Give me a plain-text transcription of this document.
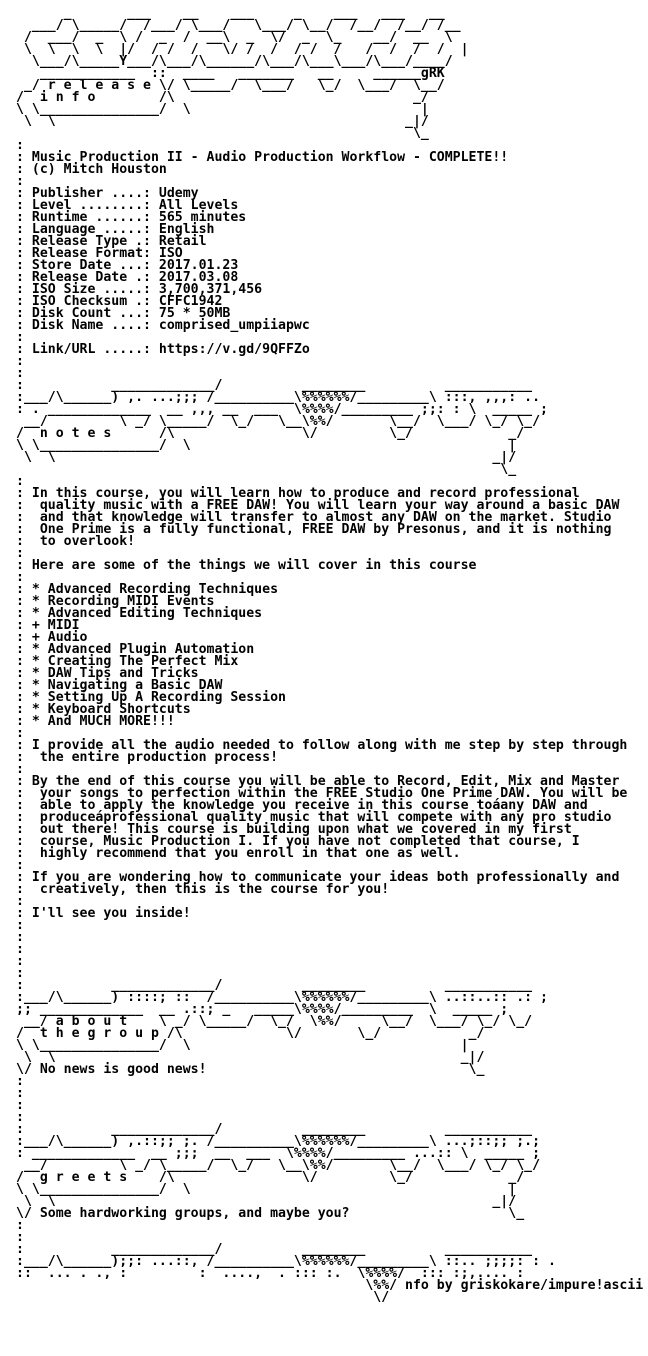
_       ___    __    ___     _    ___   ___   __
___/ \_____/  /___/ \___/   \___/ \__/  /__/  /__/ /__
/  ___/  _  \ /  _  /  __\  _  \/  _  \_    __/  __  \
\  \  \  \  |/  / /  /   \/ /  /  / /  /   /  /  /  /  |
\___/\_____Y___/\___/\______/\___/\___\___/\___/____/
____________  ::  ____   _______   __     ______gRK
_/ r e l e a s e \/ \_____/  \___/   \_/  \___/  \__/
/  i n f o        /\                              _/
\ \_______________/  \                             |
\  \                                            _|/
\_
:
: Music Production II - Audio Production Workflow - COMPLETE!!
: (c) Mitch Houston
:
: Publisher ....: Udemy
: Level ........: All Levels
: Runtime ......: 565 minutes
: Language .....: English
: Release Type .: Retail
: Release Format: ISO
: Store Date ...: 2017.01.23
: Release Date .: 2017.03.08
: ISO Size .....: 3,700,371,456
: ISO Checksum .: CFFC1942
: Disk Count ...: 75 * 50MB
: Disk Name ....: comprised_umpiiapwc
:
: Link/URL .....: https://v.gd/9QFFZo
:
:
:           _____________/          ________          ___________
:___/\______) ,. ...;;; /__________\%%%%%%/_________\ :::, ,,,: ..
: . _____________  __ ,,, __  ___  \%%%%/_________ ;;: : \  _____ ;
__/         \ _/ \_____/  \_/   \__\%%/       \__/  \___/ \_/ \_/
/  n o t e s      /\                \/         \_/            _/
\ \_______________/  \                                        |
\  \                                                       _|/
\_
:
: In this course, you will learn how to produce and record professional
:  quality music with a FREE DAW! You will learn your way around a basic DAW
:  and that knowledge will transfer to almost any DAW on the market. Studio
:  One Prime is a fully functional, FREE DAW by Presonus, and it is nothing
:  to overlook!
:
: Here are some of the things we will cover in this course
:
: * Advanced Recording Techniques
: * Recording MIDI Events
: * Advanced Editing Techniques
: + MIDI
: + Audio
: * Advanced Plugin Automation
: * Creating The Perfect Mix
: * DAW Tips and Tricks
: * Navigating a Basic DAW
: * Setting Up A Recording Session
: * Keyboard Shortcuts
: * And MUCH MORE!!!
:
: I provide all the audio needed to follow along with me step by step through
:  the entire production process!
:
: By the end of this course you will be able to Record, Edit, Mix and Master
:  your songs to perfection within the FREE Studio One Prime DAW. You will be
:  able to apply the knowledge you receive in this course toáany DAW and
:  produceáprofessional quality music that will compete with any pro studio
:  out there! This course is building upon what we covered in my first
:  course, Music Production I. If you have not completed that course, I
:  highly recommend that you enroll in that one as well.
:
: If you are wondering how to communicate your ideas both professionally and
:  creatively, then this is the course for you!
:
: I'll see you inside!
:
:
:
:
:
:           _____________/          ________          ___________
:___/\______) ::::; ::  /__________\%%%%%%/_________\ ..::..:: .: ;
;; _____________  __ .::; _   _____\%%%%/_________  \  _____ ;
__/ a b o u t    \ _/ \_____/  \_/  \%%/     \__/  \___/ \_/ \_/
/  t h e g r o u p /\             \/       \_/           _/
\ \_______________/  \                                  |
\  \                                                   _|/
\/ No news is good news!                                 \_
:
:
:
:
:           _____________/          ________          ___________
:___/\______) ,.::;; ;. /__________\%%%%%%/_________\ ...;::;; ;.;
: _____________  __ ;;;  __  ___  \%%%%/_________ ...:: \  _____ ;
__/         \ _/ \_____/  \_/   \__\%%/       \__/  \___/ \_/ \_/
/  g r e e t s    /\                \/         \_/            _/
\ \_______________/  \                                        |
\  \                                                       _|/
\/ Some hardworking groups, and maybe you?                    \_
:
:
:           _____________/          ________          ___________
:___/\______);;: ...::, /__________\%%%%%%/_________\ ::.. ;;;;: : .
::  ... . ., :         :  ....,  . ::: :.  \%%%%/  ::: :;,.... :
\%%/ nfo by griskokare/impure!ascii
\/
